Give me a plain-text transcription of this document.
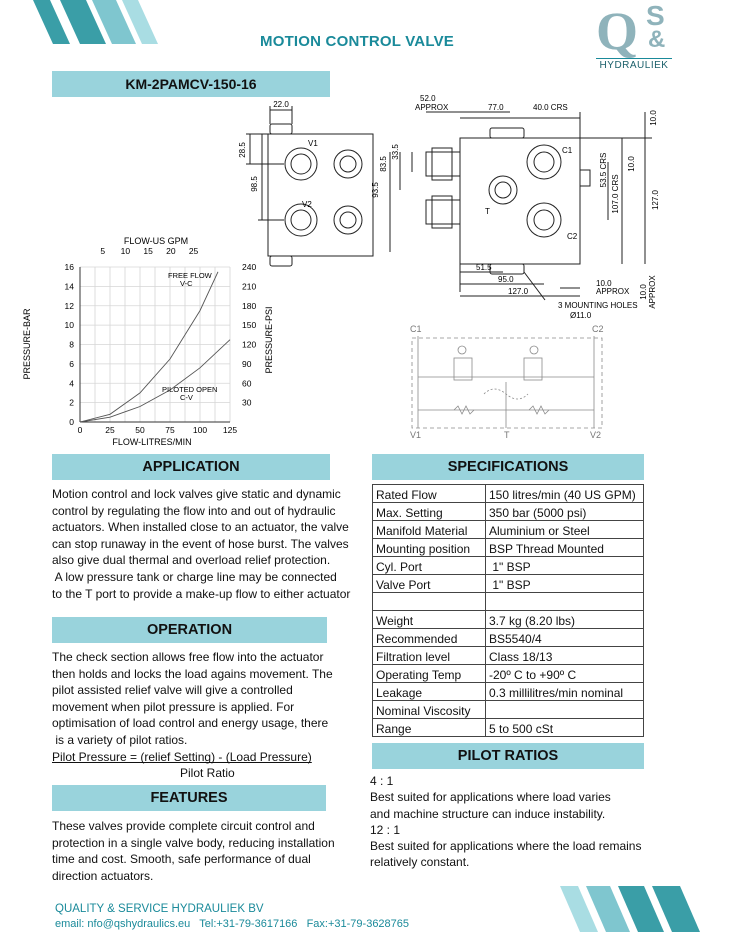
MOTION CONTROL VALVE	Q S
&
HYDRAULIEK
KM-2PAMCV-150-16
22.0
28.5
98.5
V1
V2
52.0
APPROX	77.0	40.0 CRS
10.0
83.5
33.5
93.5
53.5 CRS
107.0 CRS
10.0
127.0
C1
T
C2
51.5
95.0
127.0
10.0
APPROX 10.0 APPROX
3 MOUNTING HOLES
Ø11.0
C1	C2
V1	T	V2
0
2
4
6
8
10
12
14
16
30
60
90
120
150
180
210
240
0	25 50 75 100 125
5 10 15 20 25
FLOW-US GPM
FLOW-LITRES/MIN
PRESSURE-BAR	PRESSURE-PSI
FREE FLOW
V-C
PILOTED OPEN
C-V
APPLICATION
Motion control and lock valves give static and dynamic
control by regulating the flow into and out of hydraulic
actuators. When installed close to an actuator, the valve
can stop runaway in the event of hose burst. The valves
also give dual thermal and overload relief protection.
A low pressure tank or charge line may be connected
to the T port to provide a make-up flow to either actuator
OPERATION
The check section allows free flow into the actuator
then holds and locks the load agains movement. The
pilot assisted relief valve will give a controlled
movement when pilot pressure is applied. For
optimisation of load control and energy usage, there
is a variety of pilot ratios.
Pilot Pressure = (relief Setting) - (Load Pressure)
Pilot Ratio
FEATURES
These valves provide complete circuit control and
protection in a single valve body, reducing installation
time and cost. Smooth, safe performance of dual
direction actuators.
SPECIFICATIONS
Rated Flow	150 litres/min (40 US GPM)
Max. Setting	350 bar (5000 psi)
Manifold Material	Aluminium or Steel
Mounting position	BSP Thread Mounted
Cyl. Port	1" BSP
Valve Port	1" BSP

Weight	3.7 kg (8.20 lbs)
Recommended	BS5540/4
Filtration level	Class 18/13
Operating Temp	-20º C to +90º C
Leakage	0.3 millilitres/min nominal
Nominal Viscosity	
Range	5 to 500 cSt
PILOT RATIOS
4 : 1
Best suited for applications where load varies
and machine structure can induce instability.
12 : 1
Best suited for applications where the load remains
relatively constant.
QUALITY & SERVICE HYDRAULIEK BV
email: nfo@qshydraulics.eu   Tel:+31-79-3617166   Fax:+31-79-3628765
